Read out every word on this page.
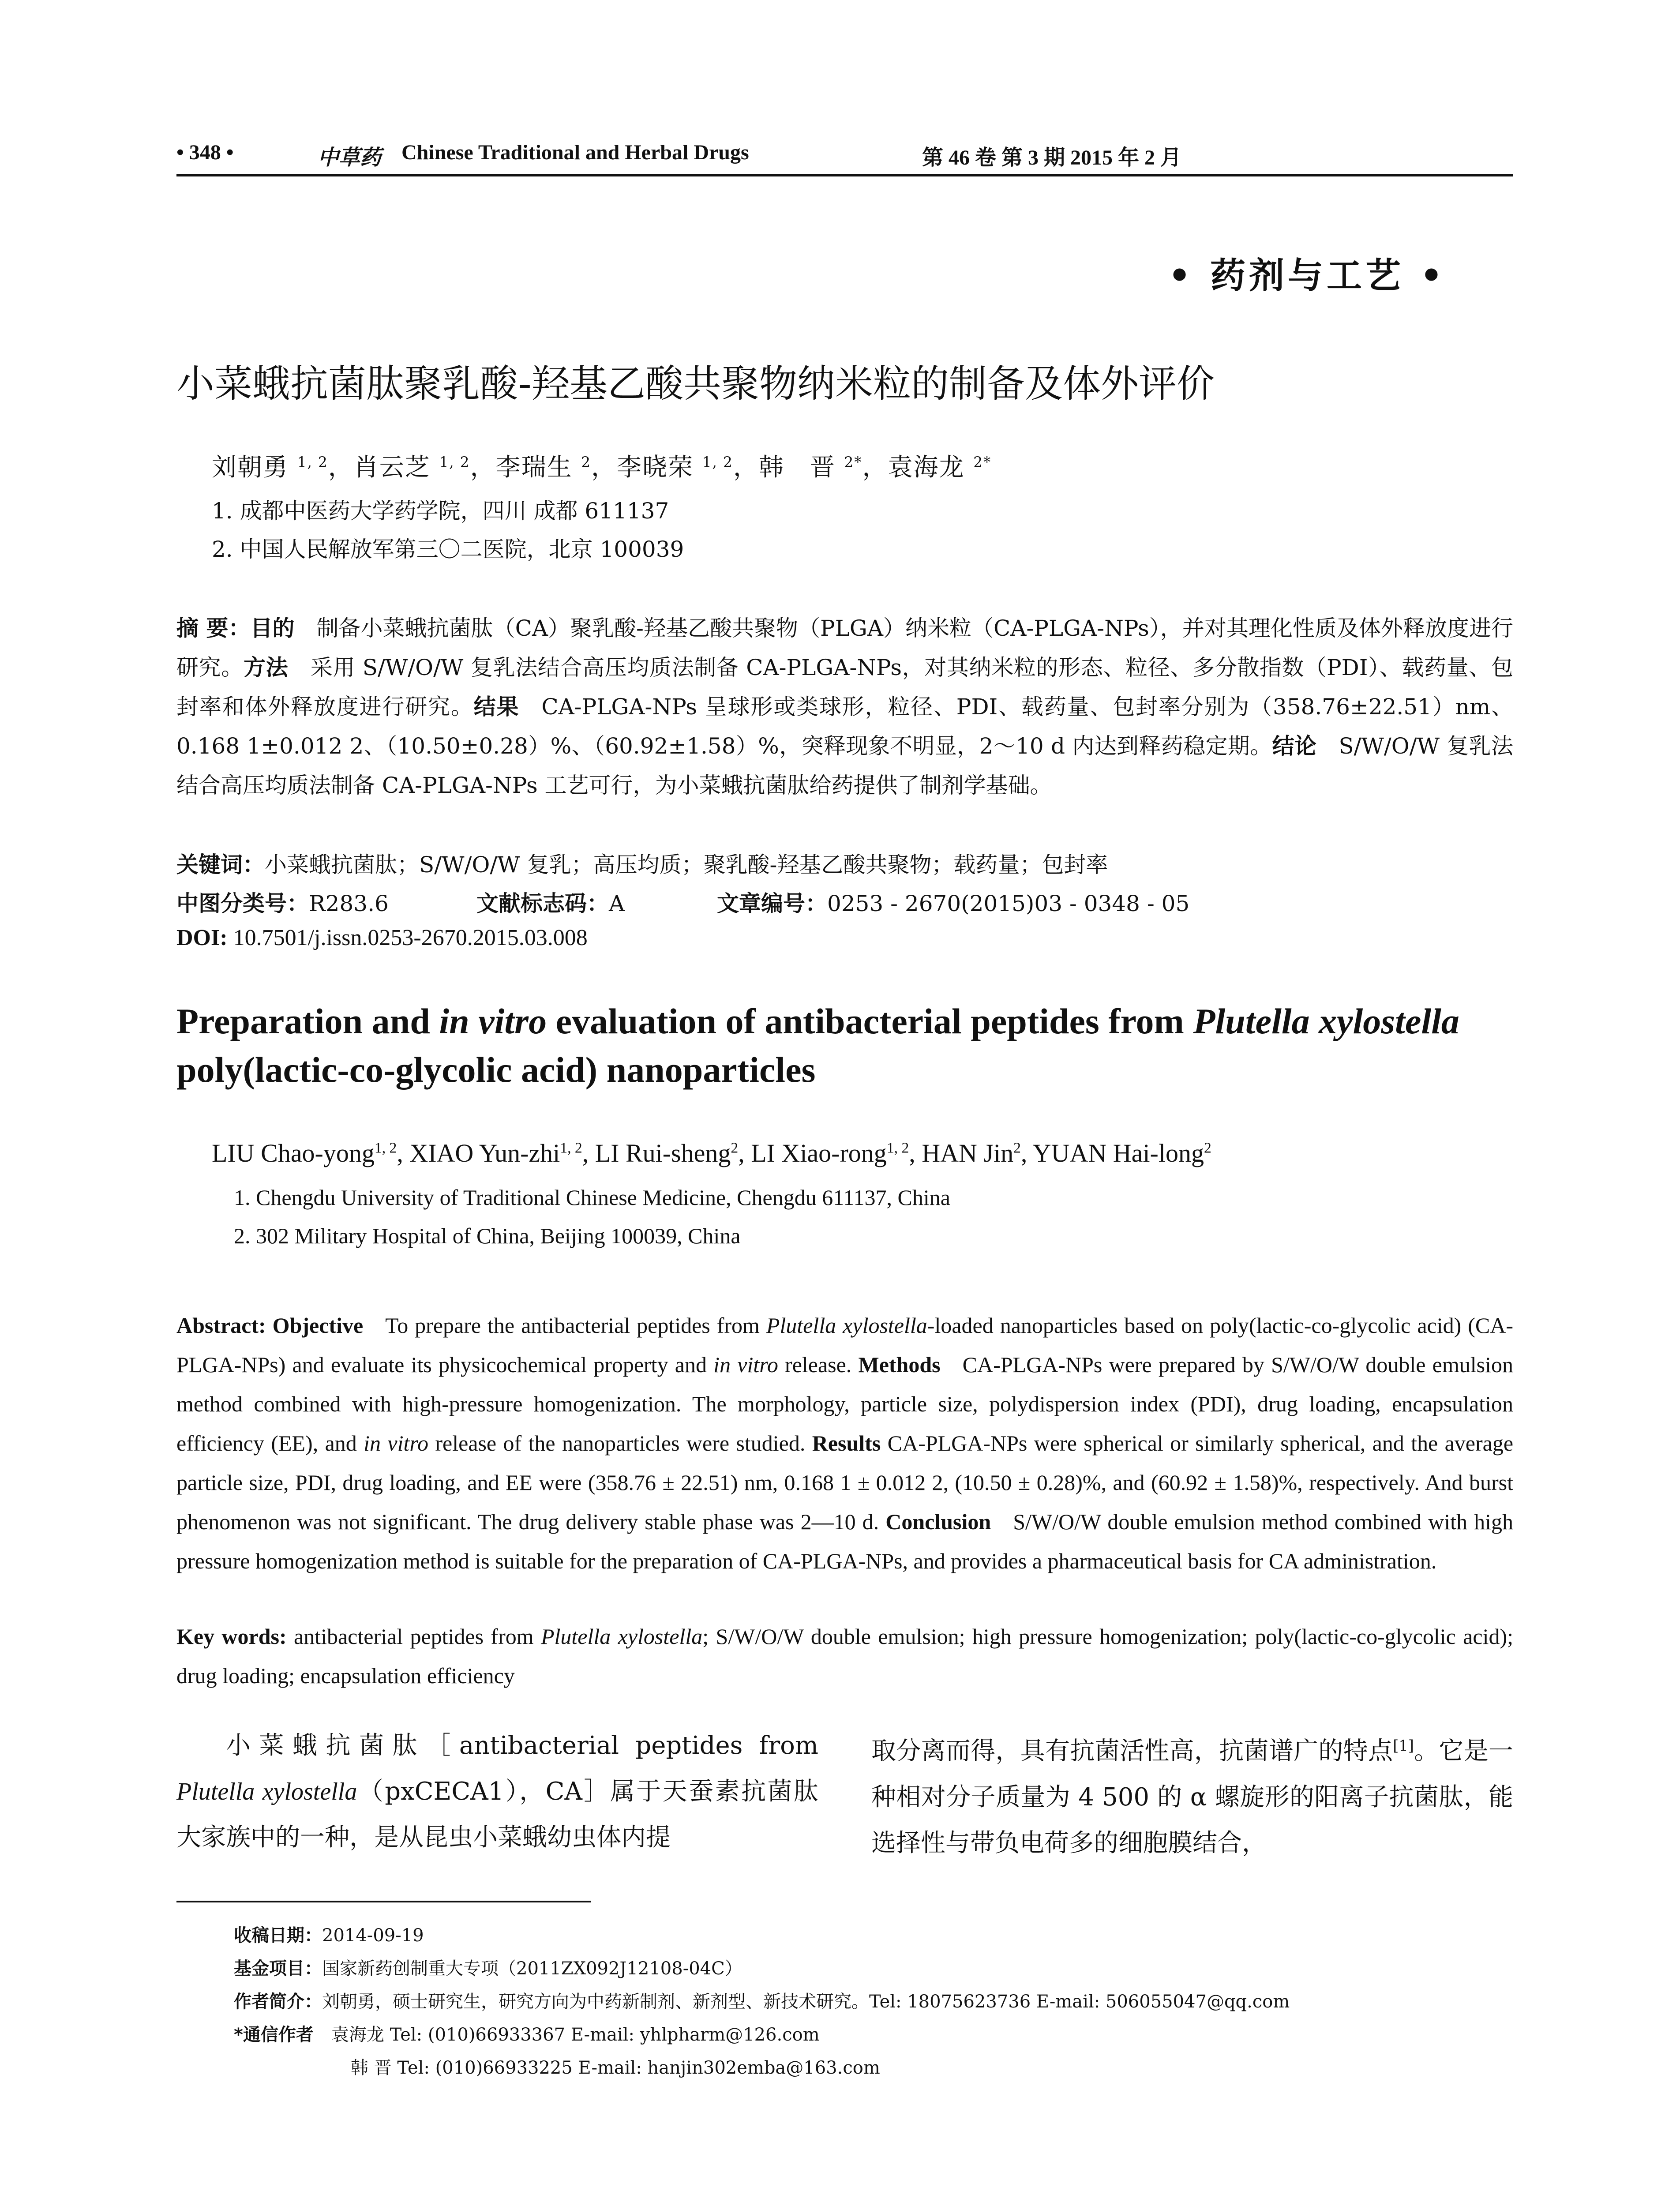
• 348 •	中草药 Chinese Traditional and Herbal Drugs	第 46 卷 第 3 期 2015 年 2 月
• 药剂与工艺 •
小菜蛾抗菌肽聚乳酸-羟基乙酸共聚物纳米粒的制备及体外评价
刘朝勇 $^{1, 2}$，肖云芝 $^{1, 2}$，李瑞生 $^2$，李晓荣 $^{1, 2}$，韩　晋 $^{2*}$，袁海龙 $^{2*}$
1. 成都中医药大学药学院，四川 成都 611137
2. 中国人民解放军第三〇二医院，北京 100039
摘 要：目的  制备小菜蛾抗菌肽（CA）聚乳酸-羟基乙酸共聚物（PLGA）纳米粒（CA-PLGA-NPs），并对其理化性质及体外释放度进行研究。方法  采用 S/W/O/W 复乳法结合高压均质法制备 CA-PLGA-NPs，对其纳米粒的形态、粒径、多分散指数（PDI）、载药量、包封率和体外释放度进行研究。结果  CA-PLGA-NPs 呈球形或类球形，粒径、PDI、载药量、包封率分别为（358.76±22.51）nm、0.168 1±0.012 2、（10.50±0.28）%、（60.92±1.58）%，突释现象不明显，2～10 d 内达到释药稳定期。结论  S/W/O/W 复乳法结合高压均质法制备 CA-PLGA-NPs 工艺可行，为小菜蛾抗菌肽给药提供了制剂学基础。
关键词：小菜蛾抗菌肽；S/W/O/W 复乳；高压均质；聚乳酸-羟基乙酸共聚物；载药量；包封率
中图分类号：R283.6	文献标志码：A	文章编号：0253 - 2670(2015)03 - 0348 - 05
DOI: 10.7501/j.issn.0253-2670.2015.03.008
Preparation and in vitro evaluation of antibacterial peptides from Plutella xylostella poly(lactic-co-glycolic acid) nanoparticles
LIU Chao-yong$^{1, 2}$, XIAO Yun-zhi$^{1, 2}$, LI Rui-sheng$^2$, LI Xiao-rong$^{1, 2}$, HAN Jin$^2$, YUAN Hai-long$^2$
1. Chengdu University of Traditional Chinese Medicine, Chengdu 611137, China
2. 302 Military Hospital of China, Beijing 100039, China
Abstract: Objective   To prepare the antibacterial peptides from Plutella xylostella-loaded nanoparticles based on poly(lactic-co-glycolic acid) (CA-PLGA-NPs) and evaluate its physicochemical property and in vitro release. Methods   CA-PLGA-NPs were prepared by S/W/O/W double emulsion method combined with high-pressure homogenization. The morphology, particle size, polydispersion index (PDI), drug loading, encapsulation efficiency (EE), and in vitro release of the nanoparticles were studied. Results CA-PLGA-NPs were spherical or similarly spherical, and the average particle size, PDI, drug loading, and EE were (358.76 ± 22.51) nm, 0.168 1 ± 0.012 2, (10.50 ± 0.28)%, and (60.92 ± 1.58)%, respectively. And burst phenomenon was not significant. The drug delivery stable phase was 2—10 d. Conclusion   S/W/O/W double emulsion method combined with high pressure homogenization method is suitable for the preparation of CA-PLGA-NPs, and provides a pharmaceutical basis for CA administration.
Key words: antibacterial peptides from Plutella xylostella; S/W/O/W double emulsion; high pressure homogenization; poly(lactic-co-glycolic acid); drug loading; encapsulation efficiency
小菜蛾抗菌肽［antibacterial peptides from Plutella xylostella（pxCECA1），CA］属于天蚕素抗菌肽大家族中的一种，是从昆虫小菜蛾幼虫体内提
取分离而得，具有抗菌活性高，抗菌谱广的特点[1]。它是一种相对分子质量为 4 500 的 α 螺旋形的阳离子抗菌肽，能选择性与带负电荷多的细胞膜结合，
收稿日期：2014-09-19
基金项目：国家新药创制重大专项（2011ZX092J12108-04C）
作者简介：刘朝勇，硕士研究生，研究方向为中药新制剂、新剂型、新技术研究。Tel: 18075623736 E-mail: 506055047@qq.com
*通信作者  袁海龙 Tel: (010)66933367 E-mail: yhlpharm@126.com
韩 晋 Tel: (010)66933225 E-mail: hanjin302emba@163.com
